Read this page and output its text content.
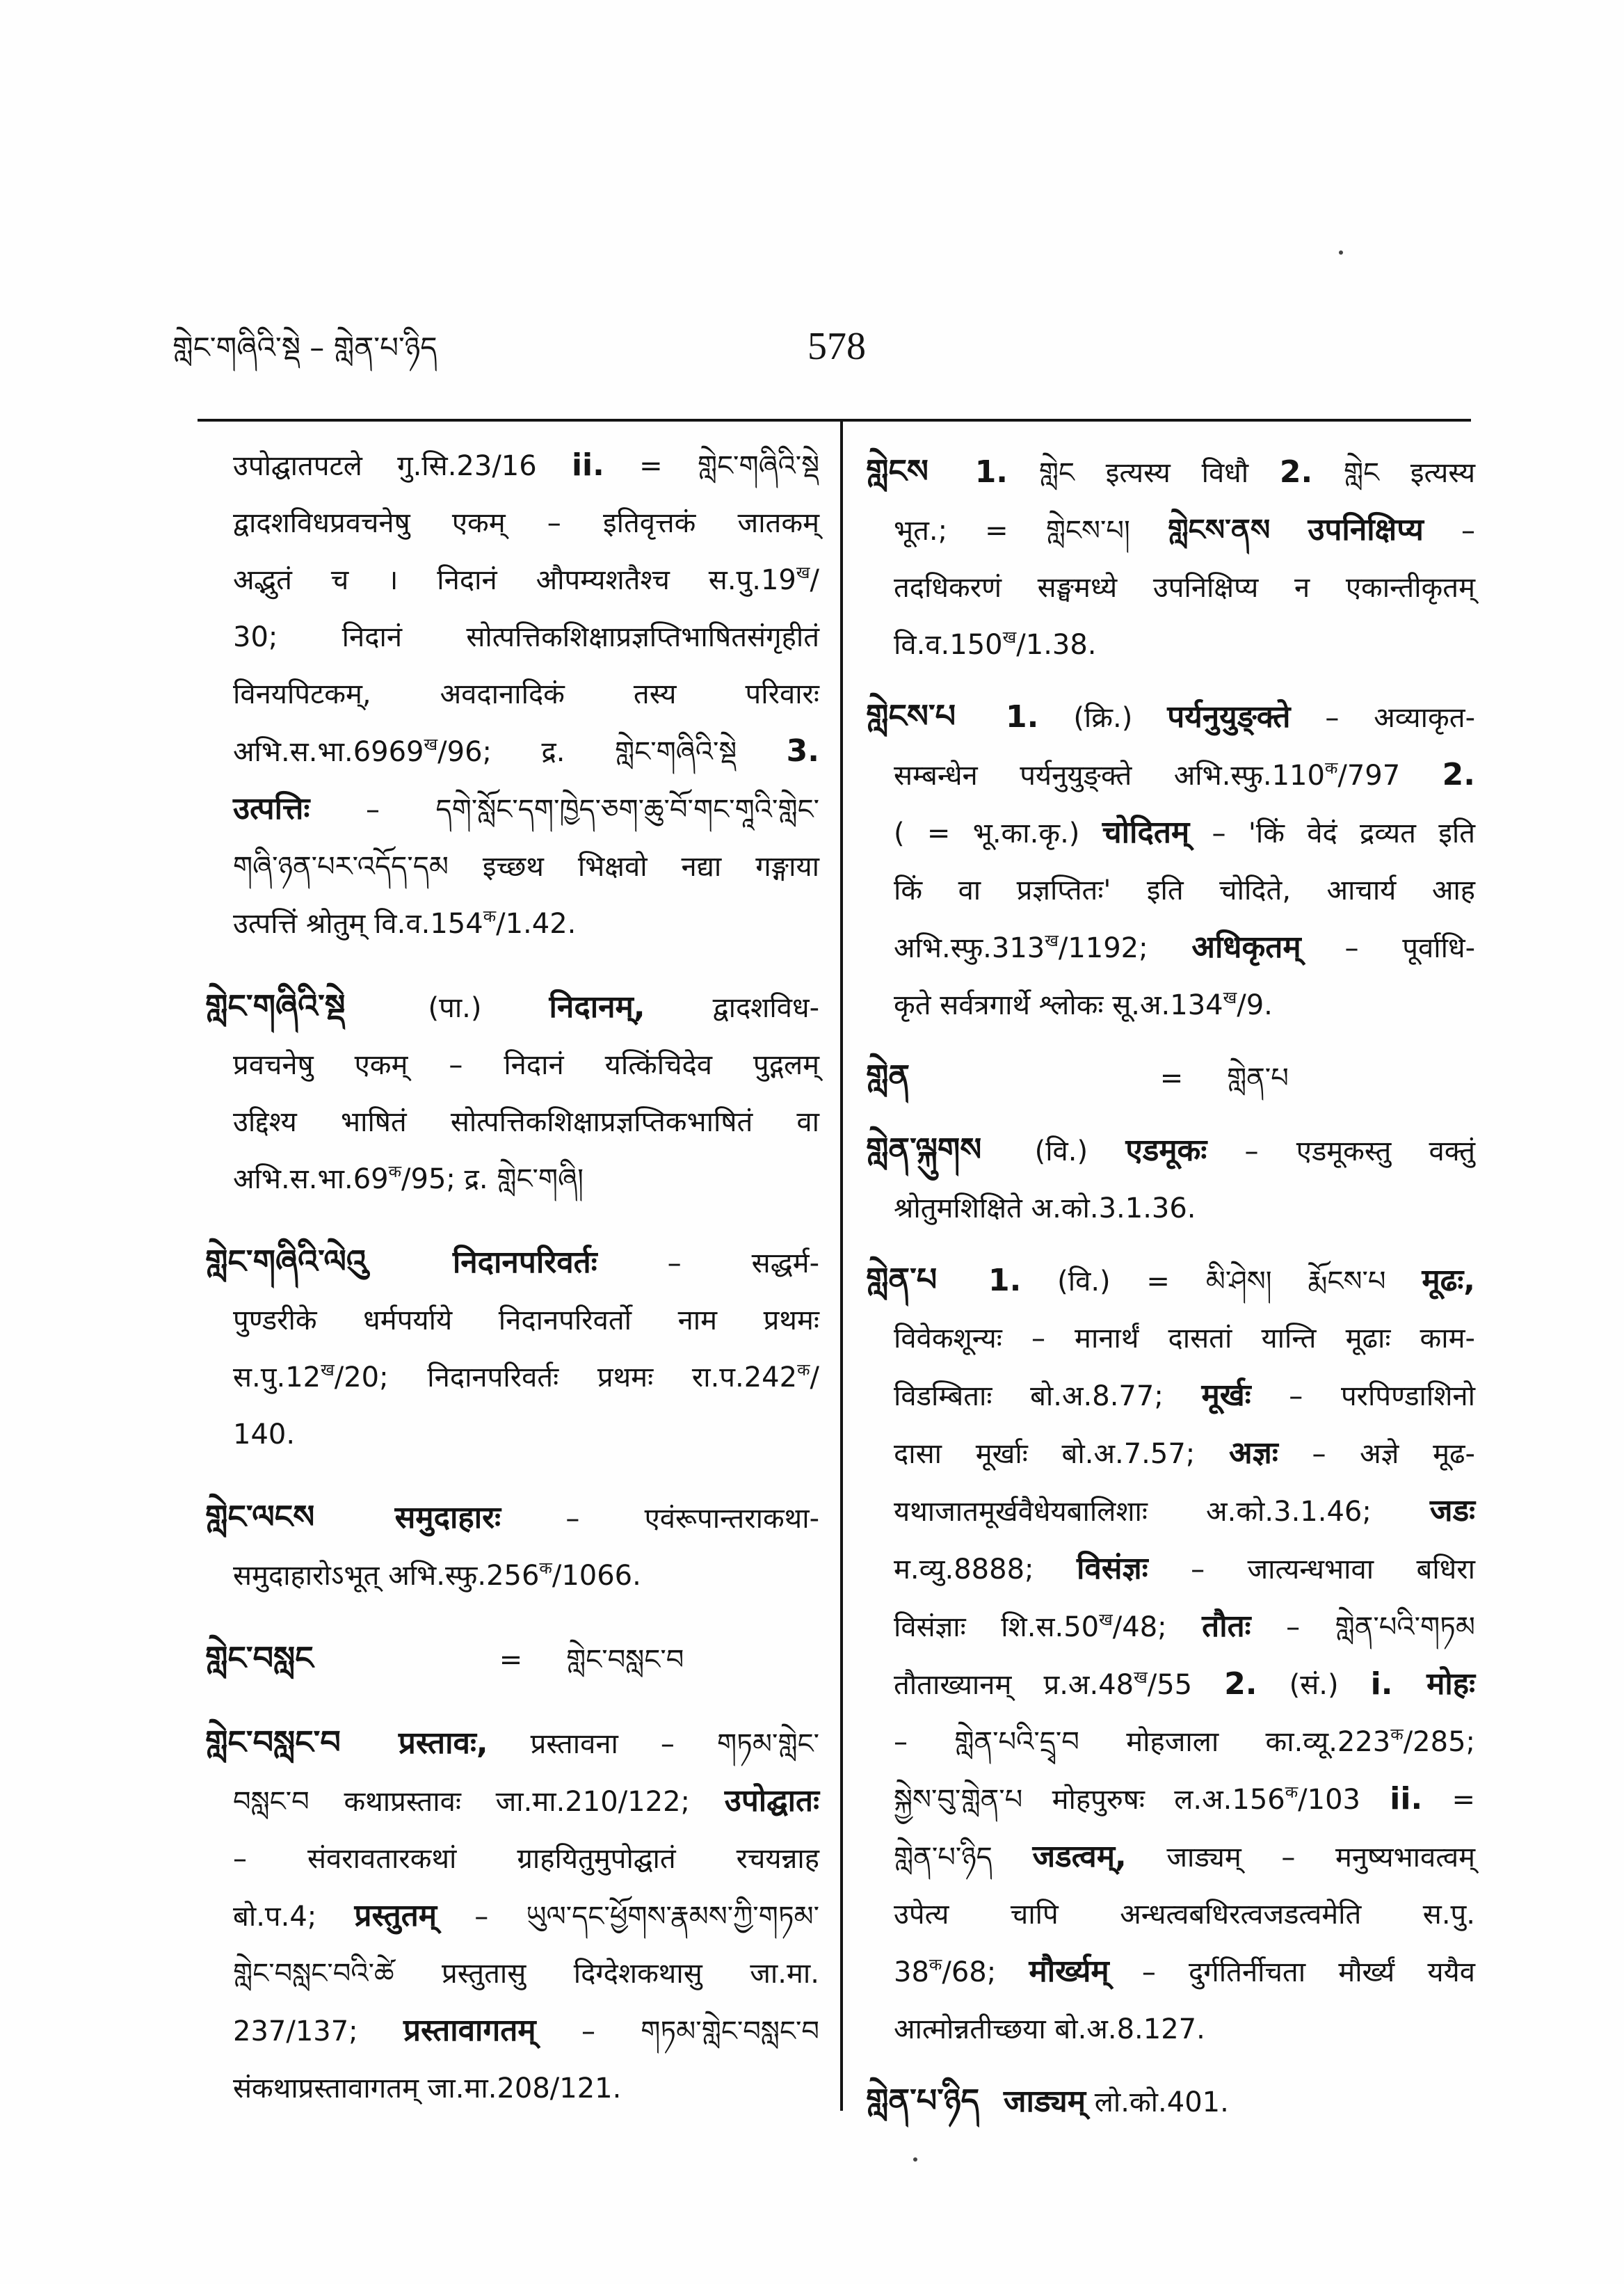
གླེང་གཞིའི་སྡེ – གླེན་པ་ཉིད	578
उपोद्घातपटले गु.सि.23/16 ii. = གླེང་གཞིའི་སྡེ
द्वादशविधप्रवचनेषु एकम् – इतिवृत्तकं जातकम्
अद्भुतं च । निदानं औपम्यशतैश्च $स.पु.19^ख/$
30; निदानं सोत्पत्तिकशिक्षाप्रज्ञप्तिभाषितसंगृहीतं
विनयपिटकम्, अवदानादिकं तस्य परिवारः
$अभि.स.भा.6969^ख/96$; द्र. གླེང་གཞིའི་སྡེ 3.
उत्पत्तिः – དགེ་སློང་དག་ཁྱེད་ཅག་ཆུ་བོ་གང་གཱའི་གླེང་
གཞི་ཉན་པར་འདོད་དམ इच्छथ भिक्षवो नद्या गङ्गाया
उत्पत्तिं श्रोतुम् $वि.व.154^क/1.42$.
གླེང་གཞིའི་སྡེ	(पा.) निदानम्, द्वादशविध-
प्रवचनेषु एकम् – निदानं यत्किंचिदेव पुद्गलम्
उद्दिश्य भाषितं सोत्पत्तिकशिक्षाप्रज्ञप्तिकभाषितं वा
$अभि.स.भा.69^क/95$; द्र. གླེང་གཞི།
གླེང་གཞིའི་ལེའུ	निदानपरिवर्तः	– सद्धर्म-
पुण्डरीके धर्मपर्याये निदानपरिवर्तो नाम प्रथमः
$स.पु.12^ख/20$; निदानपरिवर्तः प्रथमः $रा.प.242^क/$
140.
གླེང་ལངས	समुदाहारः – एवंरूपान्तराकथा-
समुदाहारोऽभूत् $अभि.स्फु.256^क/1066$.
གླེང་བསླང	= གླེང་བསླང་བ
གླེང་བསླང་བ प्रस्तावः, प्रस्तावना – གཏམ་གླེང་
བསླང་བ कथाप्रस्तावः जा.मा.210/122; उपोद्घातः
– संवरावतारकथां ग्राहयितुमुपोद्घातं रचयन्नाह
बो.प.4; प्रस्तुतम् – ཡུལ་དང་ཕྱོགས་རྣམས་ཀྱི་གཏམ་
གླེང་བསླང་བའི་ཚེ प्रस्तुतासु दिग्देशकथासु जा.मा.
237/137; प्रस्तावागतम् – གཏམ་གླེང་བསླང་བ
संकथाप्रस्तावागतम् जा.मा.208/121.
གླེངས 1. གླེང इत्यस्य विधौ 2. གླེང इत्यस्य
भूत.; = གླེངས་པ། གླེངས་ནས उपनिक्षिप्य –
तदधिकरणं सङ्घमध्ये उपनिक्षिप्य न एकान्तीकृतम्
$वि.व.150^ख/1.38$.
གླེངས་པ 1. (क्रि.) पर्यनुयुङ्क्ते – अव्याकृत-
सम्बन्धेन पर्यनुयुङ्क्ते $अभि.स्फु.110^क/797$ 2.
( = भू.का.कृ.) चोदितम् – 'किं वेदं द्रव्यत इति
किं वा प्रज्ञप्तितः' इति चोदिते, आचार्य आह
$अभि.स्फु.313^ख/1192$; अधिकृतम् – पूर्वाधि-
कृते सर्वत्रगार्थे श्लोकः $सू.अ.134^ख/9$.
གླེན	= གླེན་པ
གླེན་ལྐུགས (वि.) एडमूकः – एडमूकस्तु वक्तुं
श्रोतुमशिक्षिते अ.को.3.1.36.
གླེན་པ 1. (वि.) = མི་ཤེས། རྨོངས་པ मूढः,
विवेकशून्यः – मानार्थं दासतां यान्ति मूढाः काम-
विडम्बिताः बो.अ.8.77; मूर्खः – परपिण्डाशिनो
दासा मूर्खाः बो.अ.7.57; अज्ञः – अज्ञे मूढ-
यथाजातमूर्खवैधेयबालिशाः अ.को.3.1.46; जडः
म.व्यु.8888; विसंज्ञः – जात्यन्धभावा बधिरा
विसंज्ञाः $शि.स.50^ख/48$; तौतः – གླེན་པའི་གཏམ
तौताख्यानम् $प्र.अ.48^ख/55$ 2. (सं.) i. मोहः
– གླེན་པའི་དྲྭ་བ मोहजाला $का.व्यू.223^क/285$;
སྐྱེས་བུ་གླེན་པ मोहपुरुषः $ल.अ.156^क/103$ ii. =
གླེན་པ་ཉིད जडत्वम्, जाड्यम् – मनुष्यभावत्वम्
उपेत्य चापि अन्धत्वबधिरत्वजडत्वमेति स.पु.
$38^क/68$; मौर्ख्यम् – दुर्गतिर्नीचता मौर्ख्यं ययैव
आत्मोन्नतीच्छया बो.अ.8.127.
གླེན་པ་ཉིད जाड्यम् लो.को.401.
